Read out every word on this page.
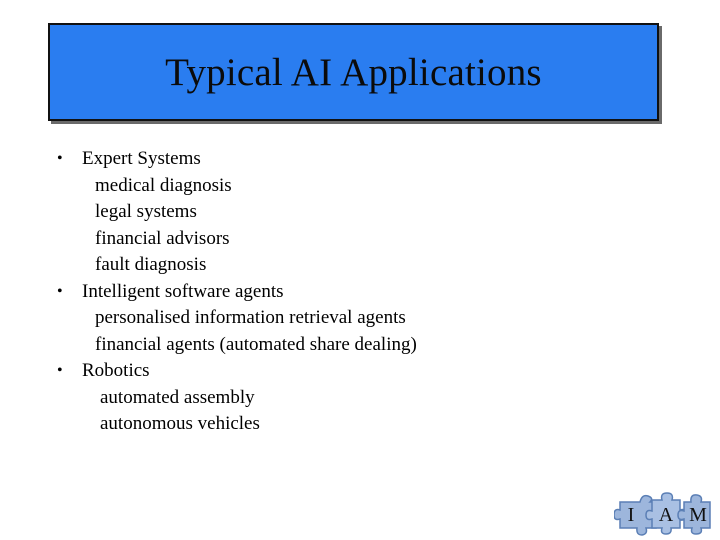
Typical AI Applications
• Expert Systems
medical diagnosis
legal systems
financial advisors
fault diagnosis
• Intelligent software agents
personalised information retrieval agents
financial agents (automated share dealing)
• Robotics
automated assembly
autonomous vehicles
I A M
